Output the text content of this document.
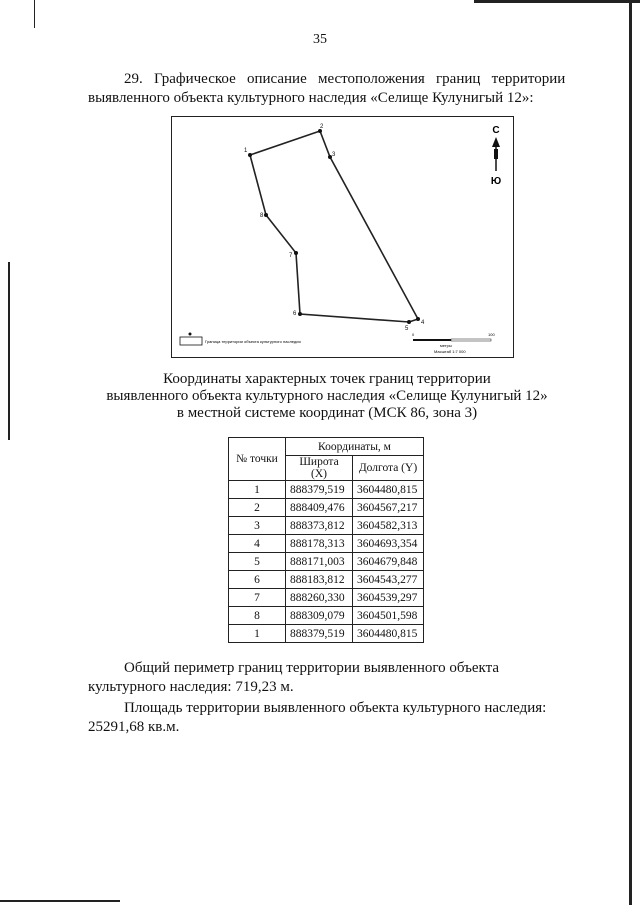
35
29.   Графическое   описание   местоположения   границ   территории
выявленного объекта культурного наследия «Селище Кулунигый 12»:
1
2
3
4
5
6
7
8
С
Ю
Граница территории объекта культурного наследия
0	100
метры
Масштаб 1:7 000
Координаты характерных точек границ территории
выявленного объекта культурного наследия «Селище Кулунигый 12»
в местной системе координат (МСК 86, зона 3)
№ точки	Координаты, м	
	Широта (X)	Долгота (Y)
1	888379,519	3604480,815
2	888409,476	3604567,217
3	888373,812	3604582,313
4	888178,313	3604693,354
5	888171,003	3604679,848
6	888183,812	3604543,277
7	888260,330	3604539,297
8	888309,079	3604501,598
1	888379,519	3604480,815
Общий периметр границ территории выявленного объекта
культурного наследия: 719,23 м.
Площадь территории выявленного объекта культурного наследия:
25291,68 кв.м.
